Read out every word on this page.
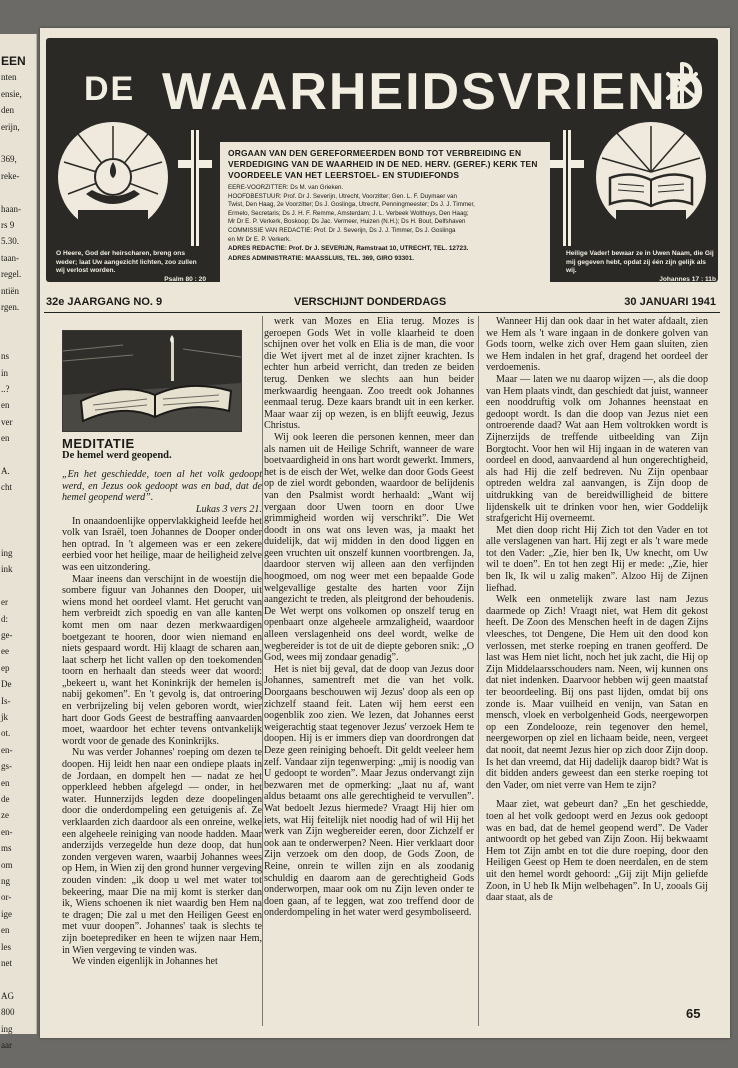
EEN
nten
ensie,
den
erijn,
369,
reke-
haan-
rs 9
5.30.
taan-
regel.
ntiën
rgen.
ns
in
..?
en
ver
en
A.
cht
ing
ink
er
d:
ge-
ee
ep
De
Is-
jk
ot.
en-
gs-
en
de
ze
en-
ms
om
ng
or-
ige
en
les
net
AG
800
ing
aar
DE WAARHEIDSVRIEND
ORGAAN VAN DEN GEREFORMEERDEN BOND TOT VERBREIDING EN VERDEDIGING VAN DE WAARHEID IN DE NED. HERV. (GEREF.) KERK TEN VOORDEELE VAN HET LEERSTOEL- EN STUDIEFONDS
EERE-VOORZITTER: Ds M. van Grieken.
HOOFDBESTUUR: Prof. Dr J. Severijn, Utrecht, Voorzitter; Gen. L. F. Duymaer van
Twist, Den Haag, 2e Voorzitter; Ds J. Goslinga, Utrecht, Penningmeester; Ds J. J. Timmer,
Ermelo, Secretaris; Ds J. H. F. Remme, Amsterdam; J. L. Verbeek Wolthuys, Den Haag;
Mr Dr E. P. Verkerk, Boskoop; Ds Jac. Vermeer, Huizen (N.H.); Ds H. Bout, Delfshaven
COMMISSIE VAN REDACTIE: Prof. Dr J. Severijn, Ds J. J. Timmer, Ds J. Goslinga
en Mr Dr E. P. Verkerk.
ADRES REDACTIE: Prof. Dr J. SEVERIJN, Ramstraat 10, UTRECHT, TEL. 12723.
ADRES ADMINISTRATIE: MAASSLUIS, TEL. 369, GIRO 93301.
O Heere, God der heirscharen, breng ons weder; laat Uw aangezicht lichten, zoo zullen wij verlost worden.
Psalm 80 : 20
Heilige Vader! bewaar ze in Uwen Naam, die Gij mij gegeven hebt, opdat zij één zijn gelijk als wij.
Johannes 17 : 11b
32e JAARGANG NO. 9	VERSCHIJNT DONDERDAGS	30 JANUARI 1941
MEDITATIE
De hemel werd geopend.

„En het geschiedde, toen al het volk gedoopt werd, en Jezus ook gedoopt was en bad, dat de hemel geopend werd”.

Lukas 3 vers 21.

In onaandoenlijke oppervlakkigheid leefde het volk van Israël, toen Johannes de Dooper onder hen optrad. In 't algemeen was er een zekere eerbied voor het heilige, maar de heiligheid zelve was een uitzondering.

Maar ineens dan verschijnt in de woestijn die sombere figuur van Johannes den Dooper, uit wiens mond het oordeel vlamt. Het gerucht van hem verbreidt zich spoedig en van alle kanten komt men om naar dezen merkwaardigen boetgezant te hooren, door wien niemand en niets gespaard wordt. Hij klaagt de scharen aan, laat scherp het licht vallen op den toekomenden toorn en herhaalt dan steeds weer dat woord: „bekeert u, want het Koninkrijk der hemelen is nabij gekomen”. En 't gevolg is, dat ontroering en verbrijzeling bij velen geboren wordt, wier hart door Gods Geest de bestraffing aanvaarden moet, waardoor het echter tevens ontvankelijk wordt voor de genade des Koninkrijks.

Nu was verder Johannes' roeping om dezen te doopen. Hij leidt hen naar een ondiepe plaats in de Jordaan, en dompelt hen — nadat ze het opperkleed hebben afgelegd — onder, in het water. Hunnerzijds legden deze doopelingen door die onderdompeling een getuigenis af. Ze verklaarden zich daardoor als een onreine, welke een algeheele reiniging van noode hadden. Maar anderzijds verzegelde hun deze doop, dat hun zonden vergeven waren, waarbij Johannes wees op Hem, in Wien zij den grond hunner vergeving zouden vinden: „ik doop u wel met water tot bekeering, maar Die na mij komt is sterker dan ik, Wiens schoenen ik niet waardig ben Hem na te dragen; Die zal u met den Heiligen Geest en met vuur doopen”. Johannes' taak is slechts te zijn boeteprediker en heen te wijzen naar Hem, in Wien vergeving te vinden was.

We vinden eigenlijk in Johannes het

werk van Mozes en Elia terug. Mozes is geroepen Gods Wet in volle klaarheid te doen schijnen over het volk en Elia is de man, die voor die Wet ijvert met al de inzet zijner krachten. Is echter hun arbeid verricht, dan treden ze beiden terug. Denken we slechts aan hun beider merkwaardig heengaan. Zoo treedt ook Johannes eenmaal terug. Deze kaars brandt uit in een kerker. Maar waar zij op wezen, is en blijft eeuwig, Jezus Christus.

Wij ook leeren die personen kennen, meer dan als namen uit de Heilige Schrift, wanneer de ware boetvaardigheid in ons hart wordt gewerkt. Immers, het is de eisch der Wet, welke dan door Gods Geest op de ziel wordt gebonden, waardoor de belijdenis van den Psalmist wordt herhaald: „Want wij vergaan door Uwen toorn en door Uwe grimmigheid worden wij verschrikt”. Die Wet doodt in ons wat ons leven was, ja maakt het duidelijk, dat wij midden in den dood liggen en geen vruchten uit onszelf kunnen voortbrengen. Ja, daardoor sterven wij alleen aan den verfijnden hoogmoed, om nog weer met een bepaalde Gode welgevallige gestalte des harten voor Zijn aangezicht te treden, als pleitgrond der behoudenis. De Wet werpt ons volkomen op onszelf terug en openbaart onze algeheele armzaligheid, waardoor alleen verslagenheid ons deel wordt, welke de wegbereider is tot de uit de diepte geboren snik: „O God, wees mij zondaar genadig”.

Het is niet bij geval, dat de doop van Jezus door Johannes, samentreft met die van het volk. Doorgaans beschouwen wij Jezus' doop als een op zichzelf staand feit. Laten wij hem eerst een oogenblik zoo zien. We lezen, dat Johannes eerst weigerachtig staat tegenover Jezus' verzoek Hem te doopen. Hij is er immers diep van doordrongen dat Deze geen reiniging behoeft. Dit geldt veeleer hem zelf. Vandaar zijn tegenwerping: „mij is noodig van U gedoopt te worden”. Maar Jezus ondervangt zijn bezwaren met de opmerking: „laat nu af, want aldus betaamt ons alle gerechtigheid te vervullen”. Wat bedoelt Jezus hiermede? Vraagt Hij hier om iets, wat Hij feitelijk niet noodig had of wil Hij het werk van Zijn wegbereider eeren, door Zichzelf er ook aan te onderwerpen? Neen. Hier verklaart door Zijn verzoek om den doop, de Gods Zoon, de Reine, onrein te willen zijn en als zoodanig schuldig en daarom aan de gerechtigheid Gods onderworpen, maar ook om nu Zijn leven onder te doen gaan, af te leggen, wat zoo treffend door de onderdompeling in het water werd gesymboliseerd.

Wanneer Hij dan ook daar in het water afdaalt, zien we Hem als 't ware ingaan in de donkere golven van Gods toorn, welke zich over Hem gaan sluiten, zien we Hem indalen in het graf, dragend het oordeel der verdoemenis.

Maar — laten we nu daarop wijzen —, als die doop van Hem plaats vindt, dan geschiedt dat juist, wanneer een nooddruftig volk om Johannes heenstaat en gedoopt wordt. Is dan die doop van Jezus niet een ontroerende daad? Wat aan Hem voltrokken wordt is Zijnerzijds de treffende uitbeelding van Zijn Borgtocht. Voor hen wil Hij ingaan in de wateren van oordeel en dood, aanvaardend al hun ongerechtigheid, als had Hij die zelf bedreven. Nu Zijn openbaar optreden weldra zal aanvangen, is Zijn doop de uitdrukking van de bereidwilligheid de bittere lijdenskelk uit te drinken voor hen, wier Goddelijk strafgericht Hij overneemt.

Met dien doop richt Hij Zich tot den Vader en tot alle verslagenen van hart. Hij zegt er als 't ware mede tot den Vader: „Zie, hier ben Ik, Uw knecht, om Uw wil te doen”. En tot hen zegt Hij er mede: „Zie, hier ben Ik, Ik wil u zalig maken”. Alzoo Hij de Zijnen liefhad.

Welk een onmetelijk zware last nam Jezus daarmede op Zich! Vraagt niet, wat Hem dit gekost heeft. De Zoon des Menschen heeft in de dagen Zijns vleesches, tot Dengene, Die Hem uit den dood kon verlossen, met sterke roeping en tranen geofferd. De last was Hem niet licht, noch het juk zacht, die Hij op Zijn Middelaarsschouders nam. Neen, wij kunnen ons dat niet indenken. Daarvoor hebben wij geen maatstaf ter beoordeeling. Bij ons past lijden, omdat bij ons zonde is. Maar vuilheid en venijn, van Satan en mensch, vloek en verbolgenheid Gods, neergeworpen op een Zondelooze, rein tegenover den hemel, neergeworpen op ziel en lichaam beide, neen, vergeet dat nooit, dat neemt Jezus hier op zich door Zijn doop. Is het dan vreemd, dat Hij dadelijk daarop bidt? Wat is dit bidden anders geweest dan een sterke roeping tot den Vader, om niet verre van Hem te zijn?

Maar ziet, wat gebeurt dan? „En het geschiedde, toen al het volk gedoopt werd en Jezus ook gedoopt was en bad, dat de hemel geopend werd”. De Vader antwoordt op het gebed van Zijn Zoon. Hij bekwaamt Hem tot Zijn ambt en tot die dure roeping, door den Heiligen Geest op Hem te doen neerdalen, en de stem uit den hemel wordt gehoord: „Gij zijt Mijn geliefde Zoon, in U heb Ik Mijn welbehagen”. In U, zooals Gij daar staat, als de

65
